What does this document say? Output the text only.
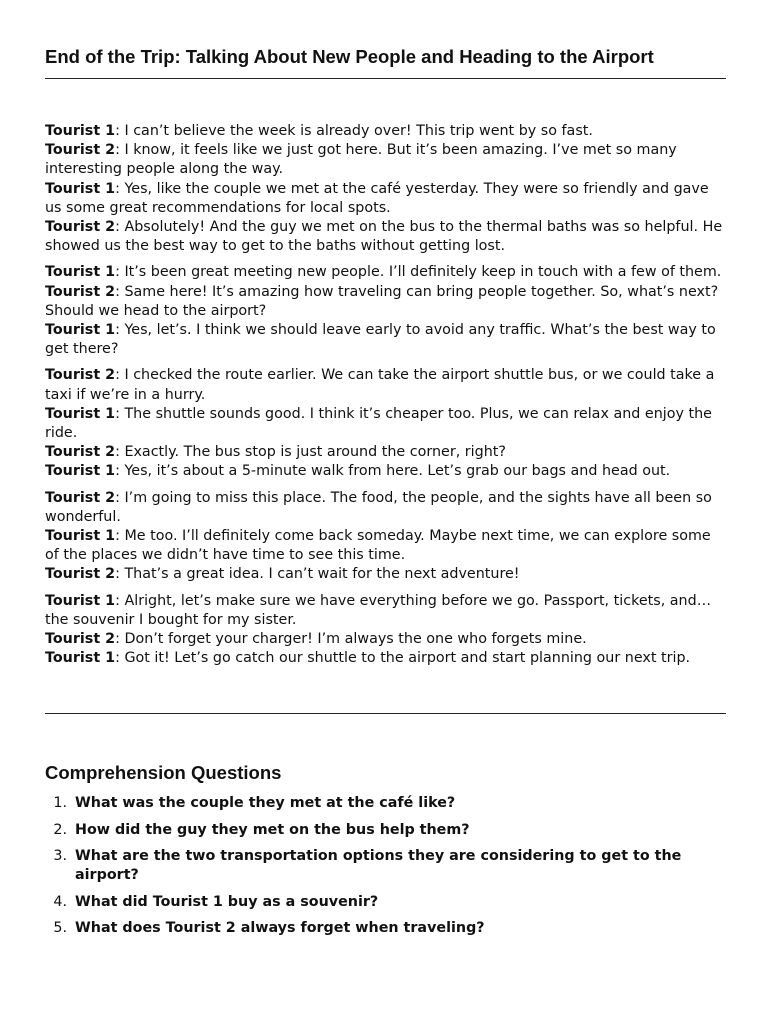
End of the Trip: Talking About New People and Heading to the Airport

Tourist 1: I can’t believe the week is already over! This trip went by so fast.

Tourist 2: I know, it feels like we just got here. But it’s been amazing. I’ve met so many interesting people along the way.

Tourist 1: Yes, like the couple we met at the café yesterday. They were so friendly and gave us some great recommendations for local spots.

Tourist 2: Absolutely! And the guy we met on the bus to the thermal baths was so helpful. He showed us the best way to get to the baths without getting lost.

Tourist 1: It’s been great meeting new people. I’ll definitely keep in touch with a few of them.

Tourist 2: Same here! It’s amazing how traveling can bring people together. So, what’s next? Should we head to the airport?

Tourist 1: Yes, let’s. I think we should leave early to avoid any traffic. What’s the best way to get there?

Tourist 2: I checked the route earlier. We can take the airport shuttle bus, or we could take a taxi if we’re in a hurry.

Tourist 1: The shuttle sounds good. I think it’s cheaper too. Plus, we can relax and enjoy the ride.

Tourist 2: Exactly. The bus stop is just around the corner, right?

Tourist 1: Yes, it’s about a 5-minute walk from here. Let’s grab our bags and head out.

Tourist 2: I’m going to miss this place. The food, the people, and the sights have all been so wonderful.

Tourist 1: Me too. I’ll definitely come back someday. Maybe next time, we can explore some of the places we didn’t have time to see this time.

Tourist 2: That’s a great idea. I can’t wait for the next adventure!

Tourist 1: Alright, let’s make sure we have everything before we go. Passport, tickets, and… the souvenir I bought for my sister.

Tourist 2: Don’t forget your charger! I’m always the one who forgets mine.

Tourist 1: Got it! Let’s go catch our shuttle to the airport and start planning our next trip.

Comprehension Questions
1. What was the couple they met at the café like?
2. How did the guy they met on the bus help them?
3. What are the two transportation options they are considering to get to the airport?
4. What did Tourist 1 buy as a souvenir?
5. What does Tourist 2 always forget when traveling?
